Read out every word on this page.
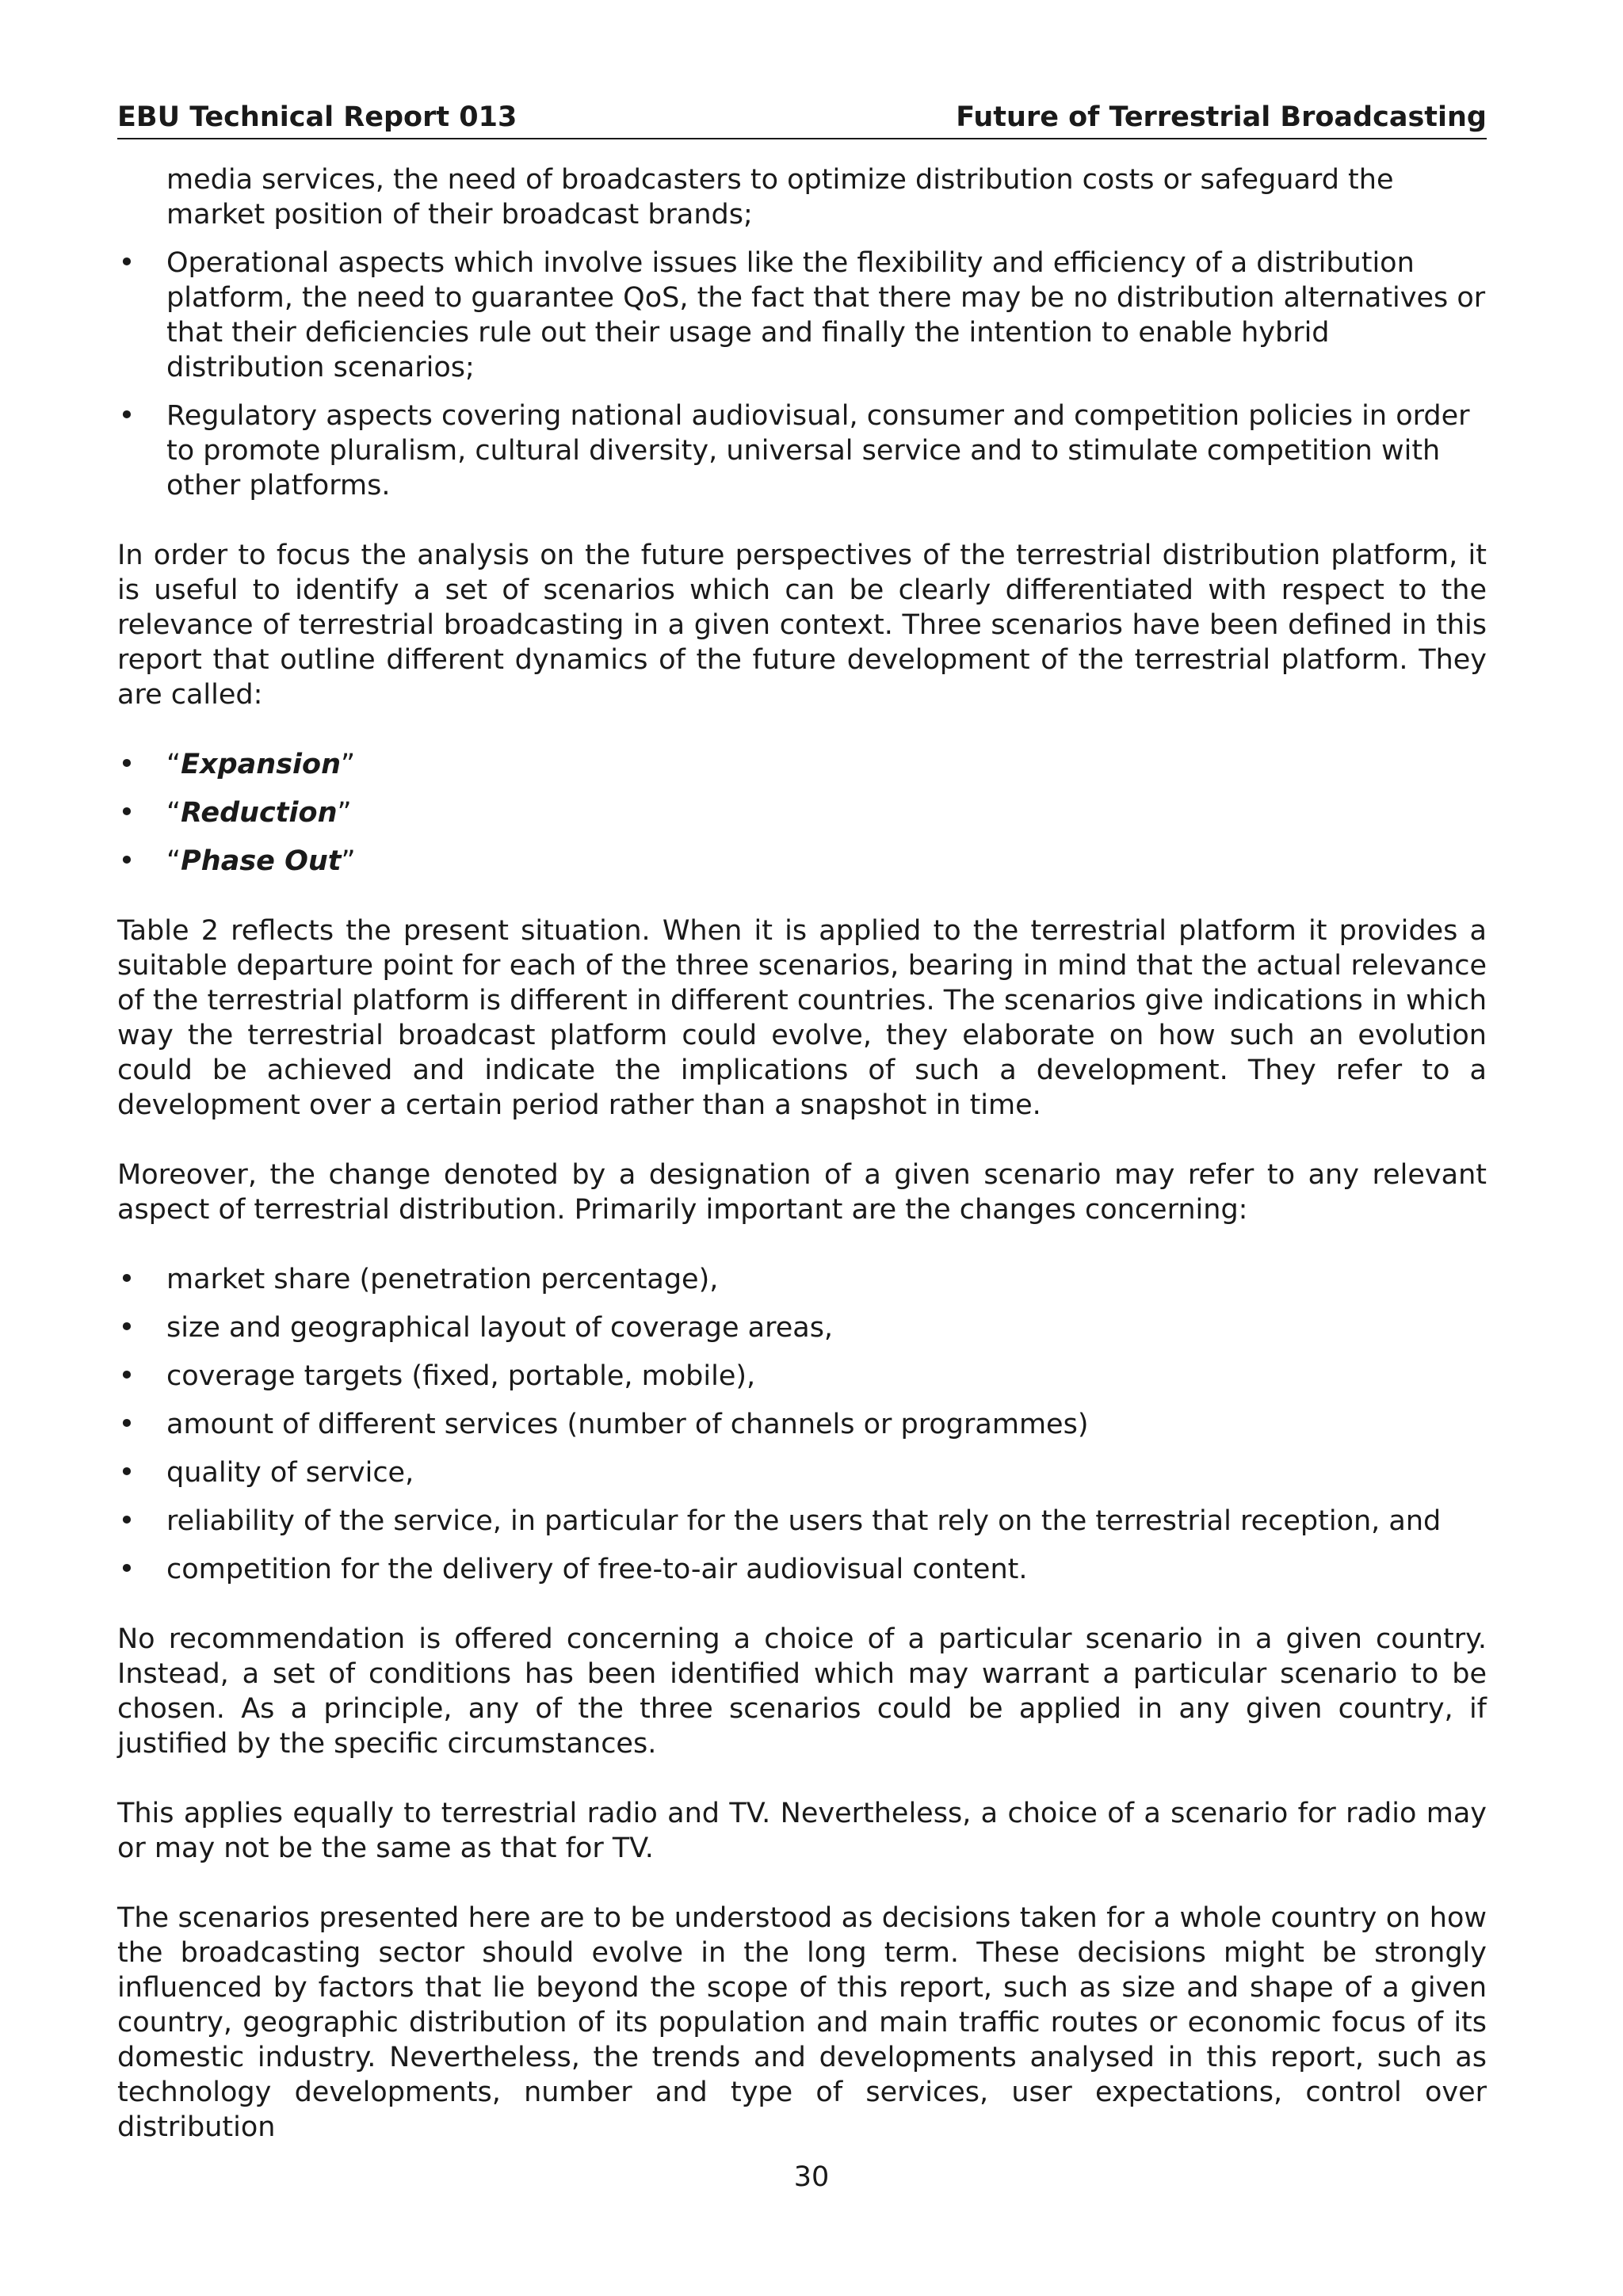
EBU Technical Report 013	Future of Terrestrial Broadcasting
media services, the need of broadcasters to optimize distribution costs or safeguard the market position of their broadcast brands;
• Operational aspects which involve issues like the flexibility and efficiency of a distribution platform, the need to guarantee QoS, the fact that there may be no distribution alternatives or that their deficiencies rule out their usage and finally the intention to enable hybrid distribution scenarios;
• Regulatory aspects covering national audiovisual, consumer and competition policies in order to promote pluralism, cultural diversity, universal service and to stimulate competition with other platforms.

In order to focus the analysis on the future perspectives of the terrestrial distribution platform, it is useful to identify a set of scenarios which can be clearly differentiated with respect to the relevance of terrestrial broadcasting in a given context. Three scenarios have been defined in this report that outline different dynamics of the future development of the terrestrial platform. They are called:

• “Expansion”
• “Reduction”
• “Phase Out”

Table 2 reflects the present situation. When it is applied to the terrestrial platform it provides a suitable departure point for each of the three scenarios, bearing in mind that the actual relevance of the terrestrial platform is different in different countries. The scenarios give indications in which way the terrestrial broadcast platform could evolve, they elaborate on how such an evolution could be achieved and indicate the implications of such a development. They refer to a development over a certain period rather than a snapshot in time.

Moreover, the change denoted by a designation of a given scenario may refer to any relevant aspect of terrestrial distribution. Primarily important are the changes concerning:

• market share (penetration percentage),
• size and geographical layout of coverage areas,
• coverage targets (fixed, portable, mobile),
• amount of different services (number of channels or programmes)
• quality of service,
• reliability of the service, in particular for the users that rely on the terrestrial reception, and
• competition for the delivery of free-to-air audiovisual content.

No recommendation is offered concerning a choice of a particular scenario in a given country. Instead, a set of conditions has been identified which may warrant a particular scenario to be chosen. As a principle, any of the three scenarios could be applied in any given country, if justified by the specific circumstances.

This applies equally to terrestrial radio and TV. Nevertheless, a choice of a scenario for radio may or may not be the same as that for TV.

The scenarios presented here are to be understood as decisions taken for a whole country on how the broadcasting sector should evolve in the long term. These decisions might be strongly influenced by factors that lie beyond the scope of this report, such as size and shape of a given country, geographic distribution of its population and main traffic routes or economic focus of its domestic industry. Nevertheless, the trends and developments analysed in this report, such as technology developments, number and type of services, user expectations, control over distribution

30
